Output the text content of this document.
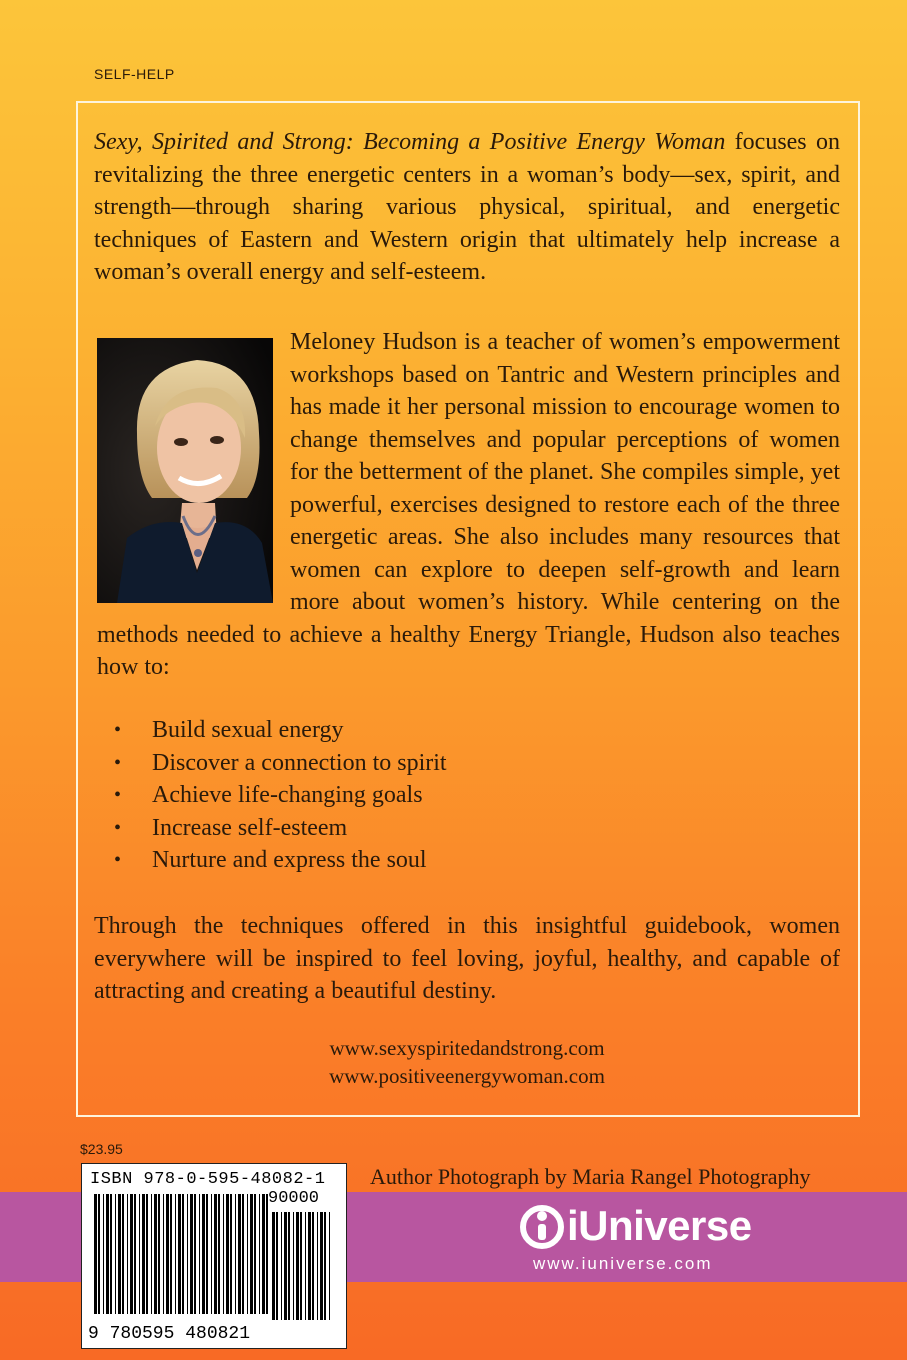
SELF-HELP
Sexy, Spirited and Strong: Becoming a Positive Energy Woman focuses on revitalizing the three energetic centers in a woman’s body—sex, spirit, and strength—through sharing various physical, spiritual, and energetic techniques of Eastern and Western origin that ultimately help increase a woman’s overall energy and self-esteem.
Meloney Hudson is a teacher of women’s empowerment workshops based on Tantric and Western principles and has made it her personal mission to encourage women to change themselves and popular perceptions of women for the betterment of the planet. She compiles simple, yet powerful, exercises designed to restore each of the three energetic areas. She also includes many resources that women can explore to deepen self-growth and learn more about women’s history. While centering on the methods needed to achieve a healthy Energy Triangle, Hudson also teaches how to:
• Build sexual energy
• Discover a connection to spirit
• Achieve life-changing goals
• Increase self-esteem
• Nurture and express the soul
Through the techniques offered in this insightful guidebook, women everywhere will be inspired to feel loving, joyful, healthy, and capable of attracting and creating a beautiful destiny.
www.sexyspiritedandstrong.com
www.positiveenergywoman.com
$23.95
Author Photograph by Maria Rangel Photography
ISBN 978-0-595-48082-1
90000
9 780595 480821
iUniverse
www.iuniverse.com
